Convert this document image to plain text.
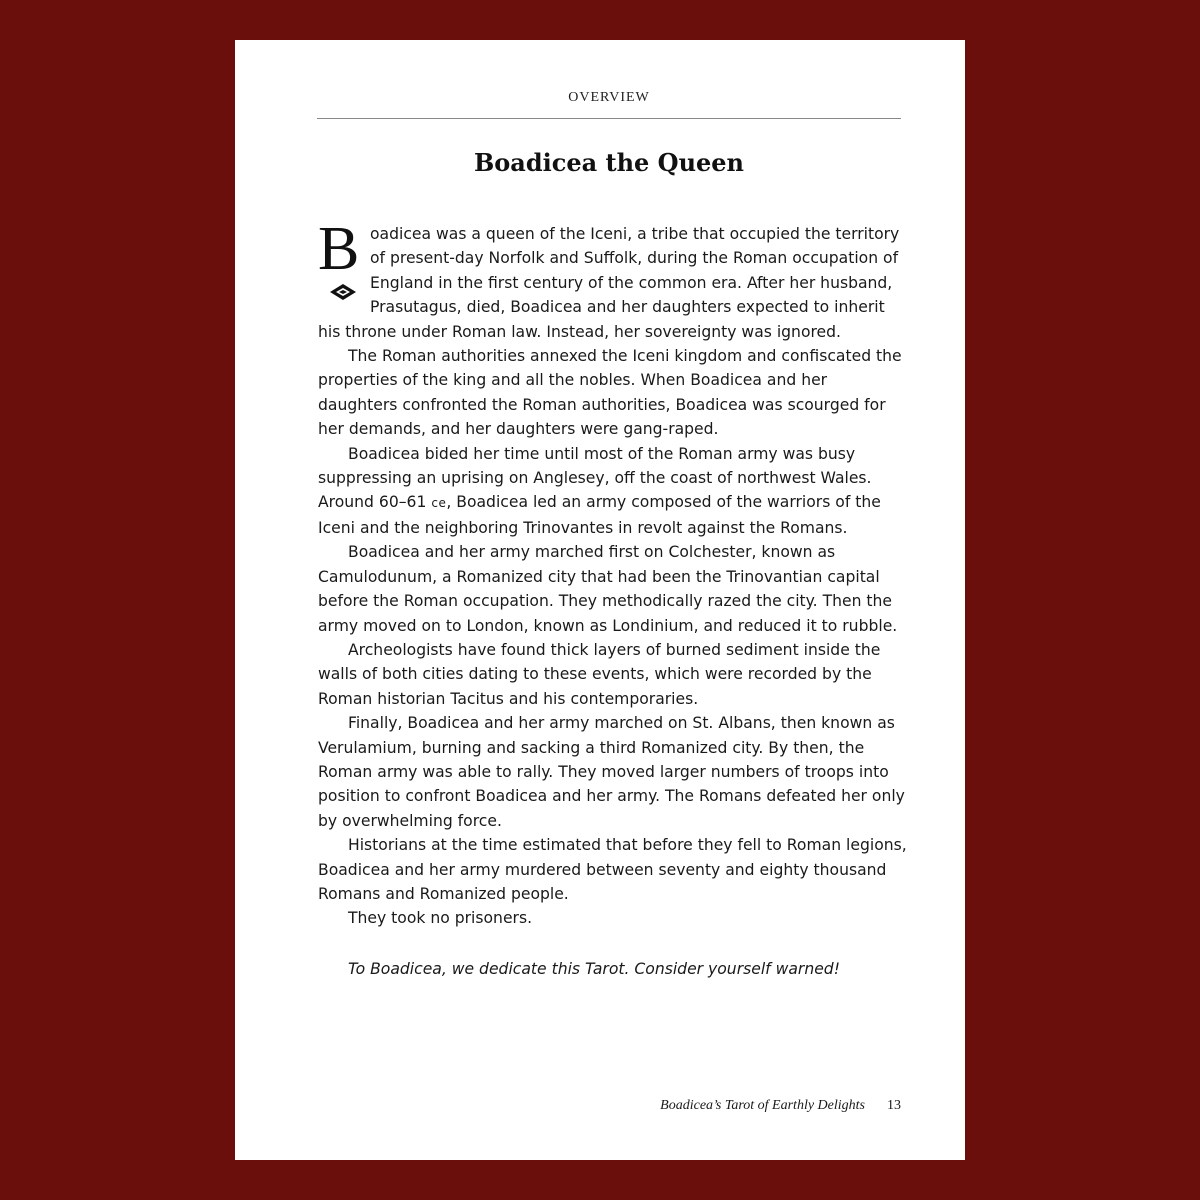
OVERVIEW
Boadicea the Queen

B oadicea was a queen of the Iceni, a tribe that occupied the territory of present-day Norfolk and Suffolk, during the Roman occupation of England in the first century of the common era. After her husband, Prasutagus, died, Boadicea and her daughters expected to inherit his throne under Roman law. Instead, her sovereignty was ignored.

The Roman authorities annexed the Iceni kingdom and confiscated the properties of the king and all the nobles. When Boadicea and her daughters confronted the Roman authorities, Boadicea was scourged for her demands, and her daughters were gang-raped.

Boadicea bided her time until most of the Roman army was busy suppressing an uprising on Anglesey, off the coast of northwest Wales. Around 60–61 ce, Boadicea led an army composed of the warriors of the Iceni and the neighboring Trinovantes in revolt against the Romans.

Boadicea and her army marched first on Colchester, known as Camulodunum, a Romanized city that had been the Trinovantian capital before the Roman occupation. They methodically razed the city. Then the army moved on to London, known as Londinium, and reduced it to rubble.

Archeologists have found thick layers of burned sediment inside the walls of both cities dating to these events, which were recorded by the Roman historian Tacitus and his contemporaries.

Finally, Boadicea and her army marched on St. Albans, then known as Verulamium, burning and sacking a third Romanized city. By then, the Roman army was able to rally. They moved larger numbers of troops into position to confront Boadicea and her army. The Romans defeated her only by overwhelming force.

Historians at the time estimated that before they fell to Roman legions, Boadicea and her army murdered between seventy and eighty thousand Romans and Romanized people.

They took no prisoners.

To Boadicea, we dedicate this Tarot. Consider yourself warned!

Boadicea’s Tarot of Earthly Delights 13
